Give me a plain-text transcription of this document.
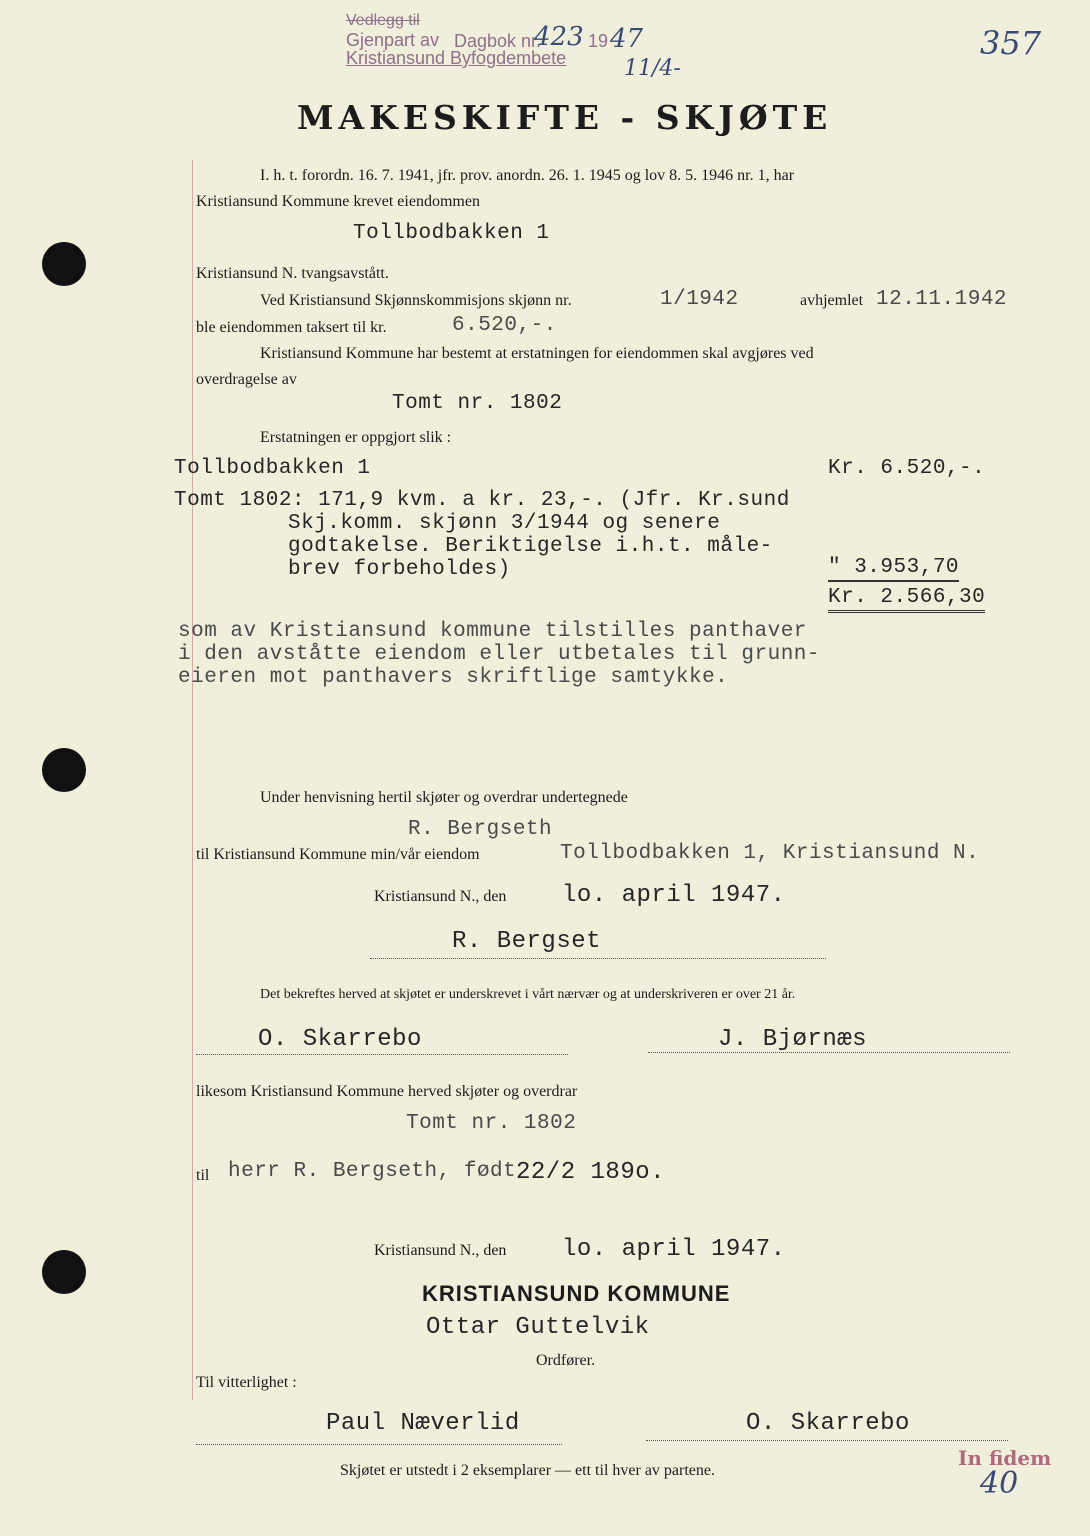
Vedlegg til
Gjenpart av
Kristiansund Byfogdembete
Dagbok nr.
423 19 47
11/4-
357
MAKESKIFTE - SKJØTE
I. h. t. forordn. 16. 7. 1941, jfr. prov. anordn. 26. 1. 1945 og lov 8. 5. 1946 nr. 1, har
Kristiansund Kommune krevet eiendommen
Tollbodbakken 1
Kristiansund N. tvangsavstått.
Ved Kristiansund Skjønnskommisjons skjønn nr.	1/1942	avhjemlet 12.11.1942
ble eiendommen taksert til kr.	6.520,-.
Kristiansund Kommune har bestemt at erstatningen for eiendommen skal avgjøres ved
overdragelse av
Tomt nr. 1802
Erstatningen er oppgjort slik :
Tollbodbakken 1	Kr. 6.520,-.
Tomt 1802: 171,9 kvm. a kr. 23,-. (Jfr. Kr.sund
Skj.komm. skjønn 3/1944 og senere
godtakelse. Beriktigelse i.h.t. måle-
brev forbeholdes)	" 3.953,70
Kr. 2.566,30
som av Kristiansund kommune tilstilles panthaver
i den avståtte eiendom eller utbetales til grunn-
eieren mot panthavers skriftlige samtykke.
Under henvisning hertil skjøter og overdrar undertegnede
R. Bergseth
til Kristiansund Kommune min/vår eiendom	Tollbodbakken 1, Kristiansund N.
Kristiansund N., den lo. april 1947.
R. Bergset
Det bekreftes herved at skjøtet er underskrevet i vårt nærvær og at underskriveren er over 21 år.
O. Skarrebo	J. Bjørnæs
likesom Kristiansund Kommune herved skjøter og overdrar
Tomt nr. 1802
til herr R. Bergseth, født 22/2 189o.
Kristiansund N., den lo. april 1947.
KRISTIANSUND KOMMUNE
Ottar Guttelvik
Ordfører.
Til vitterlighet :
Paul Næverlid	O. Skarrebo
Skjøtet er utstedt i 2 eksemplarer — ett til hver av partene.
In fidem
40
